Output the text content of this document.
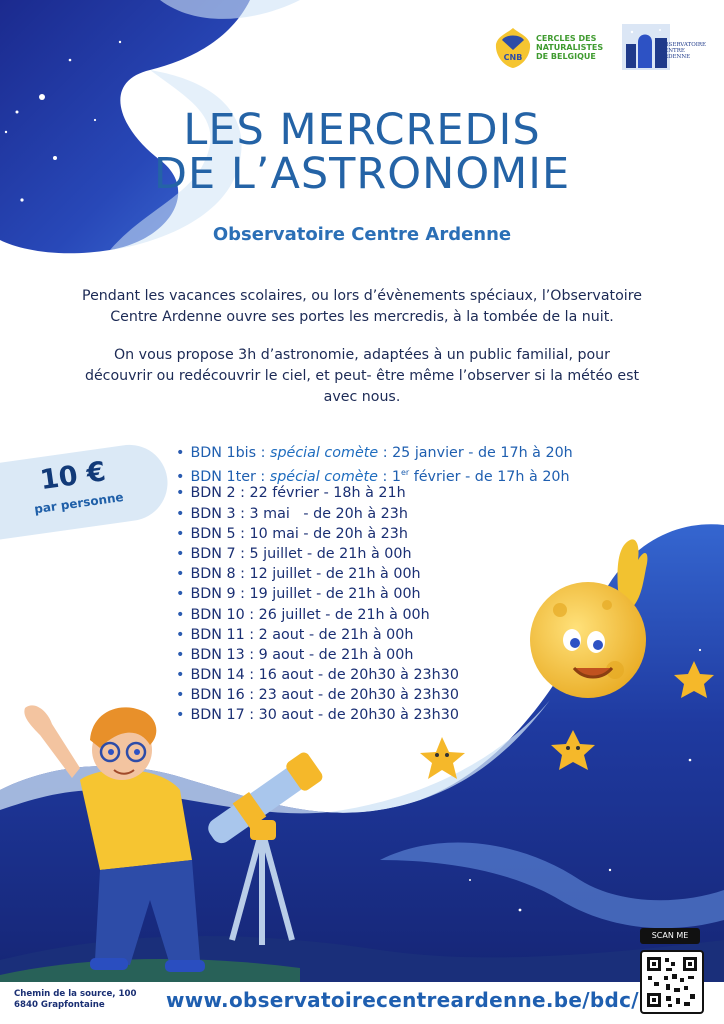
CNB
CERCLES DES
NATURALISTES
DE BELGIQUE
OBSERVATOIRE
CENTRE
ARDENNE
LES MERCREDIS
DE L’ASTRONOMIE
Observatoire Centre Ardenne

Pendant les vacances scolaires, ou lors d’évènements spéciaux, l’Observatoire Centre Ardenne ouvre ses portes les mercredis, à la tombée de la nuit.

On vous propose 3h d’astronomie, adaptées à un public familial, pour découvrir ou redécouvrir le ciel, et peut- être même l’observer si la météo est avec nous.

10 €
par personne
• BDN 1bis : spécial comète : 25 janvier - de 17h à 20h
• BDN 1ter : spécial comète : 1er février - de 17h à 20h
• BDN 2 : 22 février - 18h à 21h
• BDN 3 : 3 mai   - de 20h à 23h
• BDN 5 : 10 mai - de 20h à 23h
• BDN 7 : 5 juillet - de 21h à 00h
• BDN 8 : 12 juillet - de 21h à 00h
• BDN 9 : 19 juillet - de 21h à 00h
• BDN 10 : 26 juillet - de 21h à 00h
• BDN 11 : 2 aout - de 21h à 00h
• BDN 13 : 9 aout - de 21h à 00h
• BDN 14 : 16 aout - de 20h30 à 23h30
• BDN 16 : 23 aout - de 20h30 à 23h30
• BDN 17 : 30 aout - de 20h30 à 23h30
Chemin de la source, 100
6840 Grapfontaine	www.observatoirecentreardenne.be/bdc/
SCAN ME
